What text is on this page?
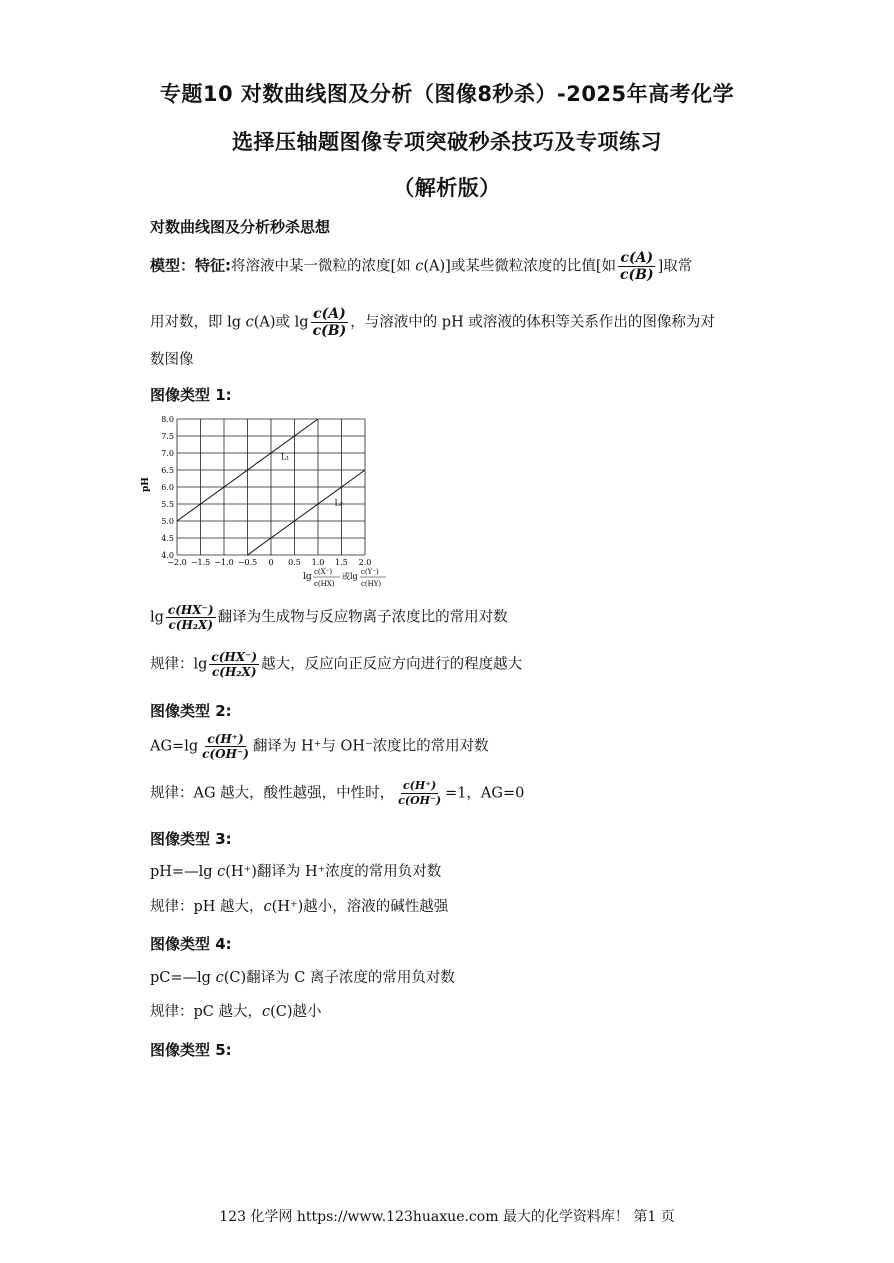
专题10 对数曲线图及分析（图像8秒杀）-2025年高考化学
选择压轴题图像专项突破秒杀技巧及专项练习
（解析版）
对数曲线图及分析秒杀思想
模型：特征:将溶液中某一微粒的浓度[如 c(A)]或某些微粒浓度的比值[如 $\frac{c(A)}{c(B)}$ ]取常
用对数，即 lg c(A)或 $\lg \frac{c(A)}{c(B)}$ ，与溶液中的 pH 或溶液的体积等关系作出的图像称为对
数图像
图像类型 1:
L₁
L₂
−2.0 −1.5 −1.0 −0.5 0 0.5 1.0 1.5 2.0
4.0
4.5
5.0
5.5
6.0
6.5
7.0
7.5
8.0
pH
lg c(X⁻)
c(HX)
或lg c(Y⁻)
c(HY)
$\lg \frac{c(HX^-)}{\text{c(H₂X)}}$ 翻译为生成物与反应物离子浓度比的常用对数
规律：$\lg \frac{c(HX^-)}{\text{c(H₂X)}}$ 越大，反应向正反应方向进行的程度越大
图像类型 2:
$AG=\lg \frac{c(H^+)}{c(OH^-)}$ 翻译为 H⁺与 OH⁻浓度比的常用对数
规律：AG 越大，酸性越强，中性时， $\frac{c(H^+)}{c(OH^-)} =1$，AG=0
图像类型 3:
pH=—lg c(H⁺)翻译为 H⁺浓度的常用负对数
规律：pH 越大，c(H⁺)越小，溶液的碱性越强
图像类型 4:
pC=—lg c(C)翻译为 C 离子浓度的常用负对数
规律：pC 越大，c(C)越小
图像类型 5:
123 化学网 https://www.123huaxue.com 最大的化学资料库！ 第1 页
